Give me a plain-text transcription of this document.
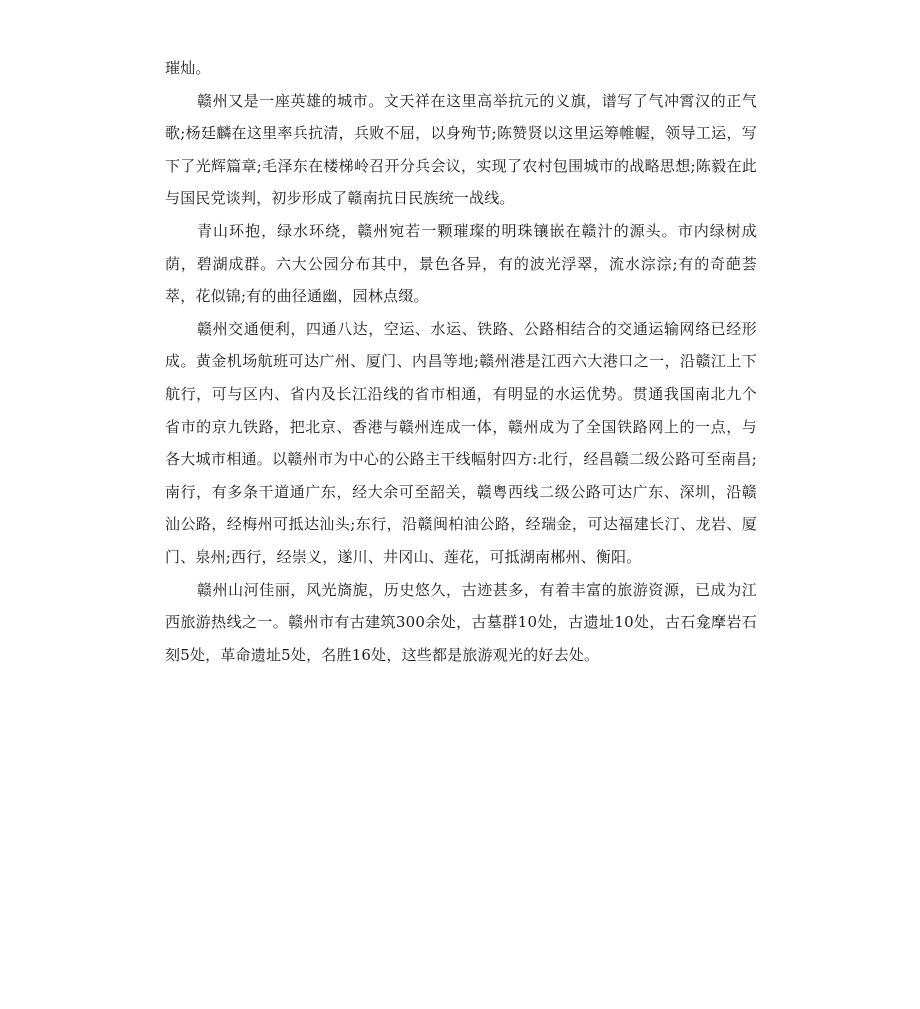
璀灿。

赣州又是一座英雄的城市。文天祥在这里高举抗元的义旗，谱写了气冲霄汉的正气歌;杨廷麟在这里率兵抗清，兵败不屈，以身殉节;陈赞贤以这里运筹帷幄，领导工运，写下了光辉篇章;毛泽东在楼梯岭召开分兵会议，实现了农村包围城市的战略思想;陈毅在此与国民党谈判，初步形成了赣南抗日民族统一战线。

青山环抱，绿水环绕，赣州宛若一颗璀璨的明珠镶嵌在赣汁的源头。市内绿树成荫，碧湖成群。六大公园分布其中，景色各异，有的波光浮翠，流水淙淙;有的奇葩荟萃，花似锦;有的曲径通幽，园林点缀。

赣州交通便利，四通八达，空运、水运、铁路、公路相结合的交通运输网络已经形成。黄金机场航班可达广州、厦门、内昌等地;赣州港是江西六大港口之一，沿赣江上下航行，可与区内、省内及长江沿线的省市相通，有明显的水运优势。贯通我国南北九个省市的京九铁路，把北京、香港与赣州连成一体，赣州成为了全国铁路网上的一点，与各大城市相通。以赣州市为中心的公路主干线幅射四方:北行，经昌赣二级公路可至南昌;南行，有多条干道通广东，经大余可至韶关，赣粤西线二级公路可达广东、深圳，沿赣汕公路，经梅州可抵达汕头;东行，沿赣闽柏油公路，经瑞金，可达福建长汀、龙岩、厦门、泉州;西行，经崇义，遂川、井冈山、莲花，可抵湖南郴州、衡阳。

赣州山河佳丽，风光旖旎，历史悠久，古迹甚多，有着丰富的旅游资源，已成为江西旅游热线之一。赣州市有古建筑300余处，古墓群10处，古遗址10处，古石龛摩岩石刻5处，革命遗址5处，名胜16处，这些都是旅游观光的好去处。
